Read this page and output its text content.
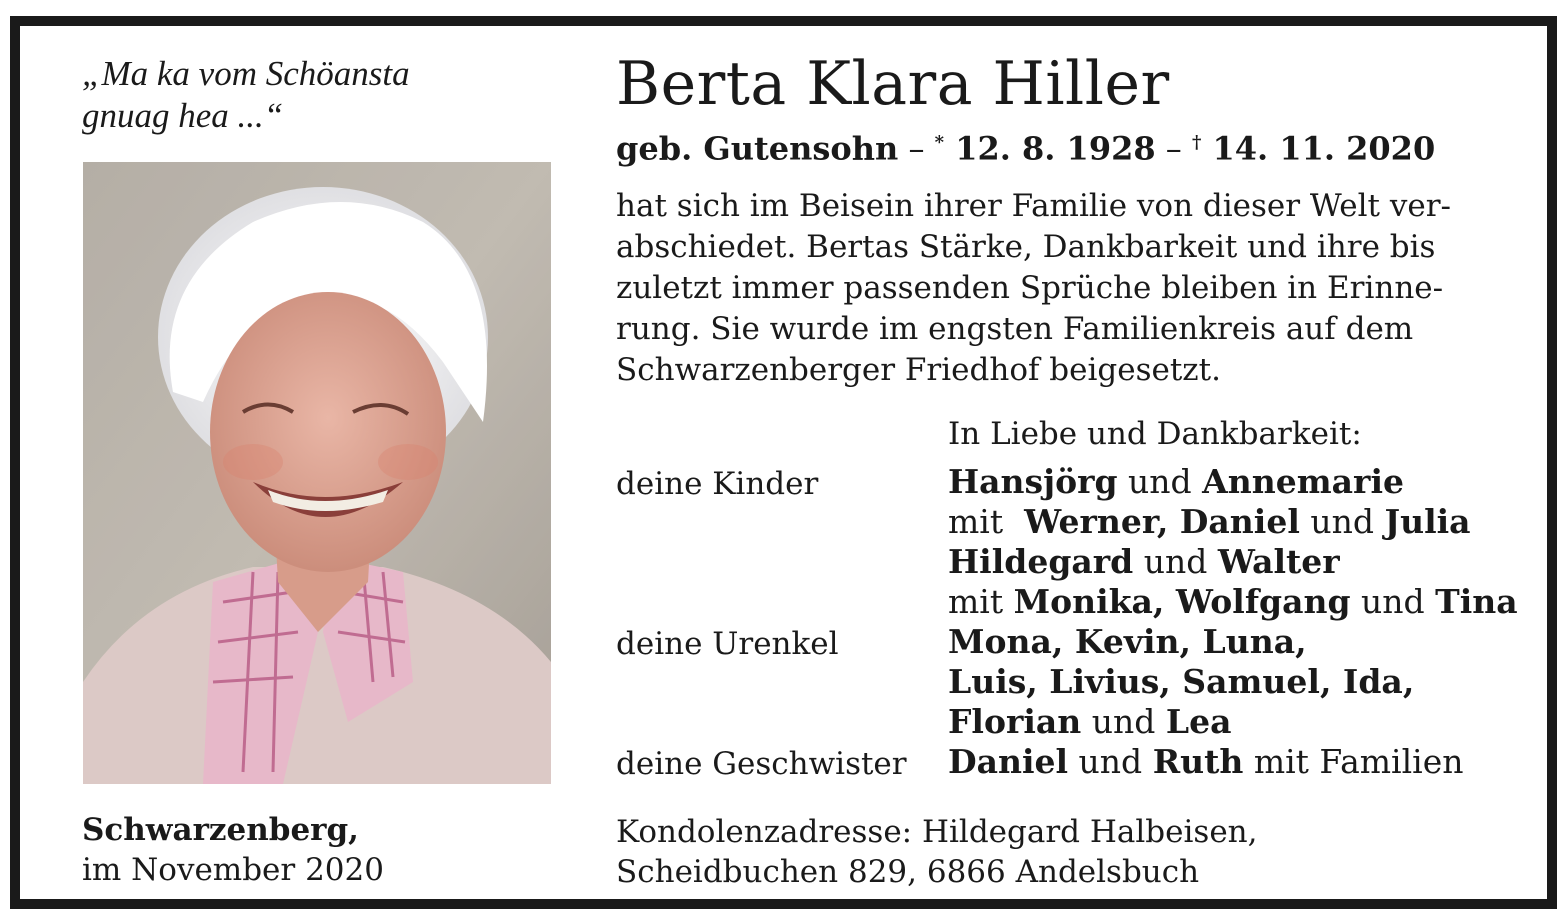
„Ma ka vom Schöansta
gnuag hea ...“
Schwarzenberg,
im November 2020
Berta Klara Hiller
geb. Gutensohn – * 12. 8. 1928 – † 14. 11. 2020
hat sich im Beisein ihrer Familie von dieser Welt ver-
abschiedet. Bertas Stärke, Dankbarkeit und ihre bis
zuletzt immer passenden Sprüche bleiben in Erinne-
rung. Sie wurde im engsten Familienkreis auf dem
Schwarzenberger Friedhof beigesetzt.
In Liebe und Dankbarkeit:
deine Kinder
deine Urenkel
deine Geschwister
Hansjörg und Annemarie
mit  Werner, Daniel und Julia
Hildegard und Walter
mit Monika, Wolfgang und Tina
Mona, Kevin, Luna,
Luis, Livius, Samuel, Ida,
Florian und Lea
Daniel und Ruth mit Familien
Kondolenzadresse: Hildegard Halbeisen,
Scheidbuchen 829, 6866 Andelsbuch
